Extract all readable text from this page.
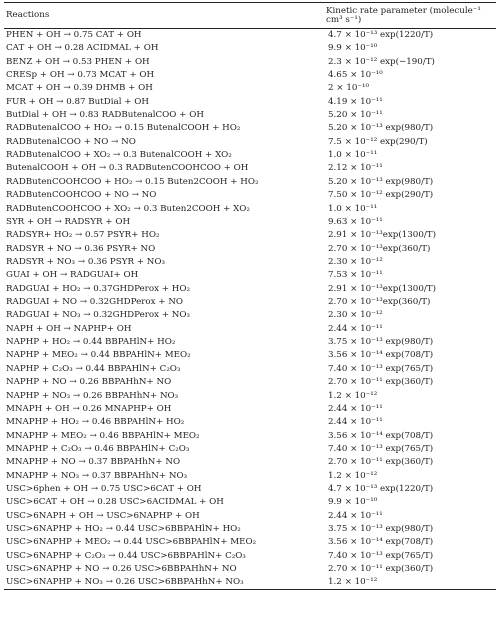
Reactions	Kinetic rate parameter (molecule⁻¹ cm³ s⁻¹)
PHEN + OH → 0.75 CAT + OH	4.7 × 10⁻¹³ exp(1220/T)
CAT + OH → 0.28 ACIDMAL + OH	9.9 × 10⁻¹⁰
BENZ + OH → 0.53 PHEN + OH	2.3 × 10⁻¹² exp(−190/T)
CRESp + OH → 0.73 MCAT + OH	4.65 × 10⁻¹⁰
MCAT + OH → 0.39 DHMB + OH	2 × 10⁻¹⁰
FUR + OH → 0.87 ButDial + OH	4.19 × 10⁻¹¹
ButDial + OH → 0.83 RADButenalCOO + OH	5.20 × 10⁻¹¹
RADButenalCOO + HO₂ → 0.15 ButenalCOOH + HO₂	5.20 × 10⁻¹³ exp(980/T)
RADButenalCOO + NO → NO	7.5 × 10⁻¹² exp(290/T)
RADButenalCOO + XO₂ → 0.3 ButenalCOOH + XO₂	1.0 × 10⁻¹¹
ButenalCOOH + OH → 0.3 RADButenCOOHCOO + OH	2.12 × 10⁻¹¹
RADButenCOOHCOO + HO₂ → 0.15 Buten2COOH + HO₂	5.20 × 10⁻¹³ exp(980/T)
RADButenCOOHCOO + NO → NO	7.50 × 10⁻¹² exp(290/T)
RADButenCOOHCOO + XO₂ → 0.3 Buten2COOH + XO₂	1.0 × 10⁻¹¹
SYR + OH → RADSYR + OH	9.63 × 10⁻¹¹
RADSYR+ HO₂ → 0.57 PSYR+ HO₂	2.91 × 10⁻¹³exp(1300/T)
RADSYR + NO → 0.36 PSYR+ NO	2.70 × 10⁻¹³exp(360/T)
RADSYR + NO₃ → 0.36 PSYR + NO₃	2.30 × 10⁻¹²
GUAI + OH → RADGUAI+ OH	7.53 × 10⁻¹¹
RADGUAI + HO₂ → 0.37GHDPerox + HO₂	2.91 × 10⁻¹³exp(1300/T)
RADGUAI + NO → 0.32GHDPerox + NO	2.70 × 10⁻¹³exp(360/T)
RADGUAI + NO₃ → 0.32GHDPerox + NO₃	2.30 × 10⁻¹²
NAPH + OH → NAPHP+ OH	2.44 × 10⁻¹¹
NAPHP + HO₂ → 0.44 BBPAHlN+ HO₂	3.75 × 10⁻¹³ exp(980/T)
NAPHP + MEO₂ → 0.44 BBPAHlN+ MEO₂	3.56 × 10⁻¹⁴ exp(708/T)
NAPHP + C₂O₃ → 0.44 BBPAHlN+ C₂O₃	7.40 × 10⁻¹³ exp(765/T)
NAPHP + NO → 0.26 BBPAHhN+ NO	2.70 × 10⁻¹¹ exp(360/T)
NAPHP + NO₃ → 0.26 BBPAHhN+ NO₃	1.2 × 10⁻¹²
MNAPH + OH → 0.26 MNAPHP+ OH	2.44 × 10⁻¹¹
MNAPHP + HO₂ → 0.46 BBPAHlN+ HO₂	2.44 × 10⁻¹¹
MNAPHP + MEO₂ → 0.46 BBPAHlN+ MEO₂	3.56 × 10⁻¹⁴ exp(708/T)
MNAPHP + C₂O₃ → 0.46 BBPAHlN+ C₂O₃	7.40 × 10⁻¹³ exp(765/T)
MNAPHP + NO → 0.37 BBPAHhN+ NO	2.70 × 10⁻¹¹ exp(360/T)
MNAPHP + NO₃ → 0.37 BBPAHhN+ NO₃	1.2 × 10⁻¹²
USC>6phen + OH → 0.75 USC>6CAT + OH	4.7 × 10⁻¹³ exp(1220/T)
USC>6CAT + OH → 0.28 USC>6ACIDMAL + OH	9.9 × 10⁻¹⁰
USC>6NAPH + OH → USC>6NAPHP + OH	2.44 × 10⁻¹¹
USC>6NAPHP + HO₂ → 0.44 USC>6BBPAHlN+ HO₂	3.75 × 10⁻¹³ exp(980/T)
USC>6NAPHP + MEO₂ → 0.44 USC>6BBPAHlN+ MEO₂	3.56 × 10⁻¹⁴ exp(708/T)
USC>6NAPHP + C₂O₃ → 0.44 USC>6BBPAHlN+ C₂O₃	7.40 × 10⁻¹³ exp(765/T)
USC>6NAPHP + NO → 0.26 USC>6BBPAHhN+ NO	2.70 × 10⁻¹¹ exp(360/T)
USC>6NAPHP + NO₃ → 0.26 USC>6BBPAHhN+ NO₃	1.2 × 10⁻¹²
